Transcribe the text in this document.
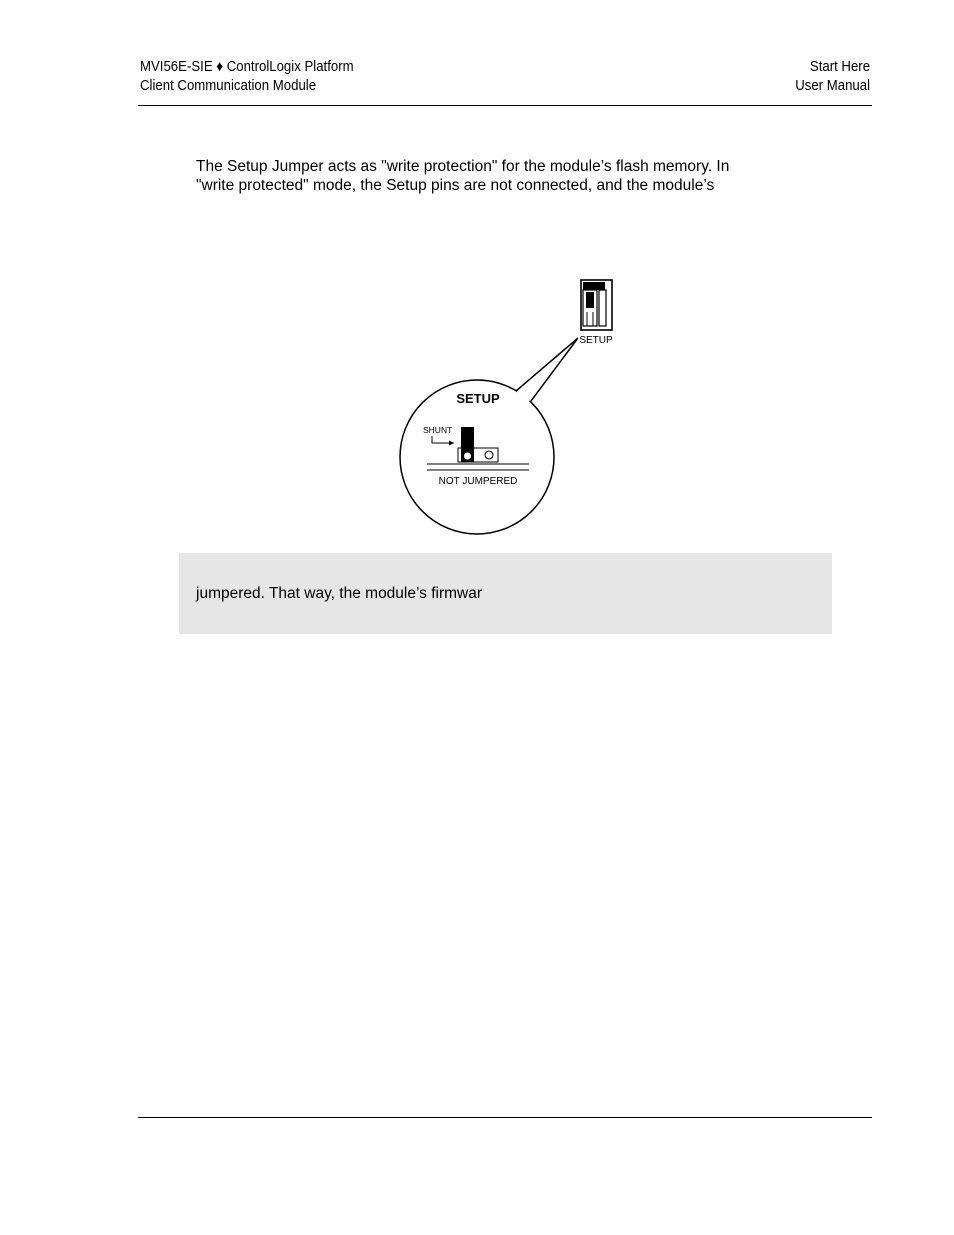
MVI56E-SIE ♦ ControlLogix Platform
Client Communication Module
Start Here
User Manual
The Setup Jumper acts as "write protection" for the module’s flash memory. In
"write protected" mode, the Setup pins are not connected, and the module’s
SETUP
SETUP
SHUNT
NOT JUMPERED
jumpered. That way, the module’s firmwar
